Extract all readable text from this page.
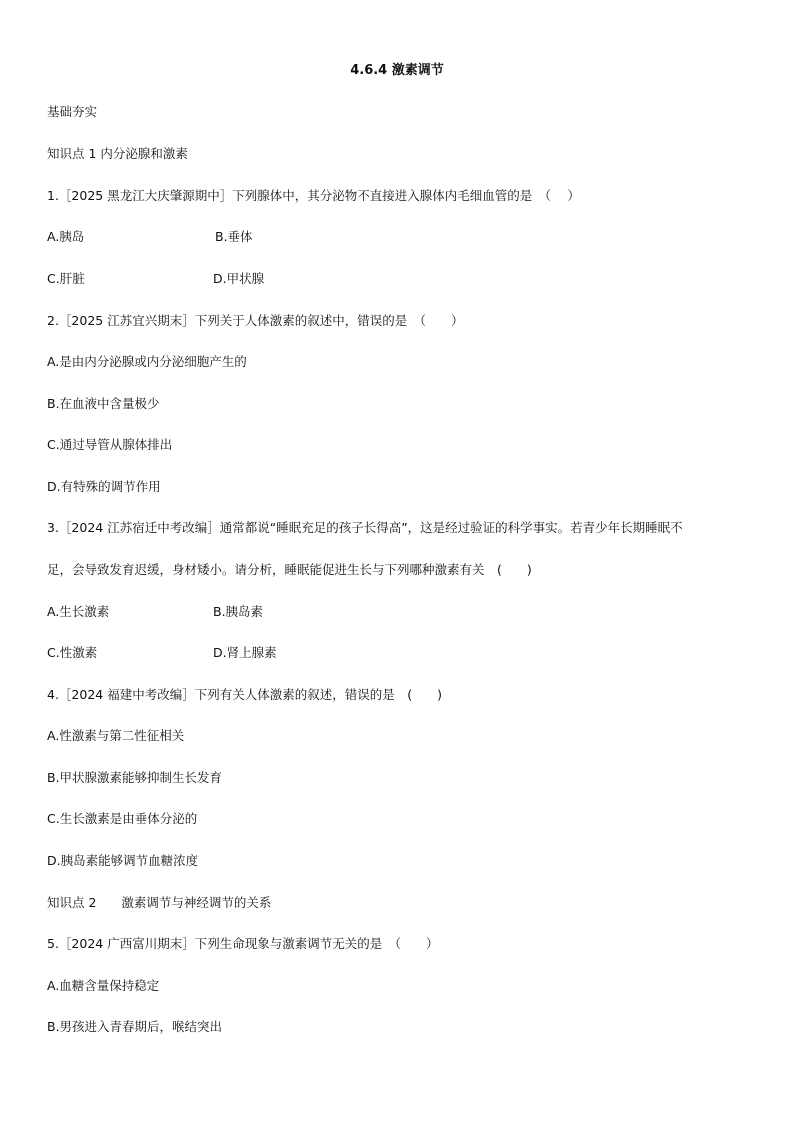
4.6.4 激素调节
基础夯实
知识点 1 内分泌腺和激素
1.［2025 黑龙江大庆肇源期中］下列腺体中，其分泌物不直接进入腺体内毛细血管的是　（　 ）
A.胰岛	B.垂体
C.肝脏	D.甲状腺
2.［2025 江苏宜兴期末］下列关于人体激素的叙述中，错误的是　（　　）
A.是由内分泌腺或内分泌细胞产生的
B.在血液中含量极少
C.通过导管从腺体排出
D.有特殊的调节作用
3.［2024 江苏宿迁中考改编］通常都说“睡眠充足的孩子长得高”，这是经过验证的科学事实。若青少年长期睡眠不
足，会导致发育迟缓，身材矮小。请分析，睡眠能促进生长与下列哪种激素有关　(　　)
A.生长激素	B.胰岛素
C.性激素	D.肾上腺素
4.［2024 福建中考改编］下列有关人体激素的叙述，错误的是　(　　)
A.性激素与第二性征相关
B.甲状腺激素能够抑制生长发育
C.生长激素是由垂体分泌的
D.胰岛素能够调节血糖浓度
知识点 2　　激素调节与神经调节的关系
5.［2024 广西富川期末］下列生命现象与激素调节无关的是　（　　）
A.血糖含量保持稳定
B.男孩进入青春期后，喉结突出
